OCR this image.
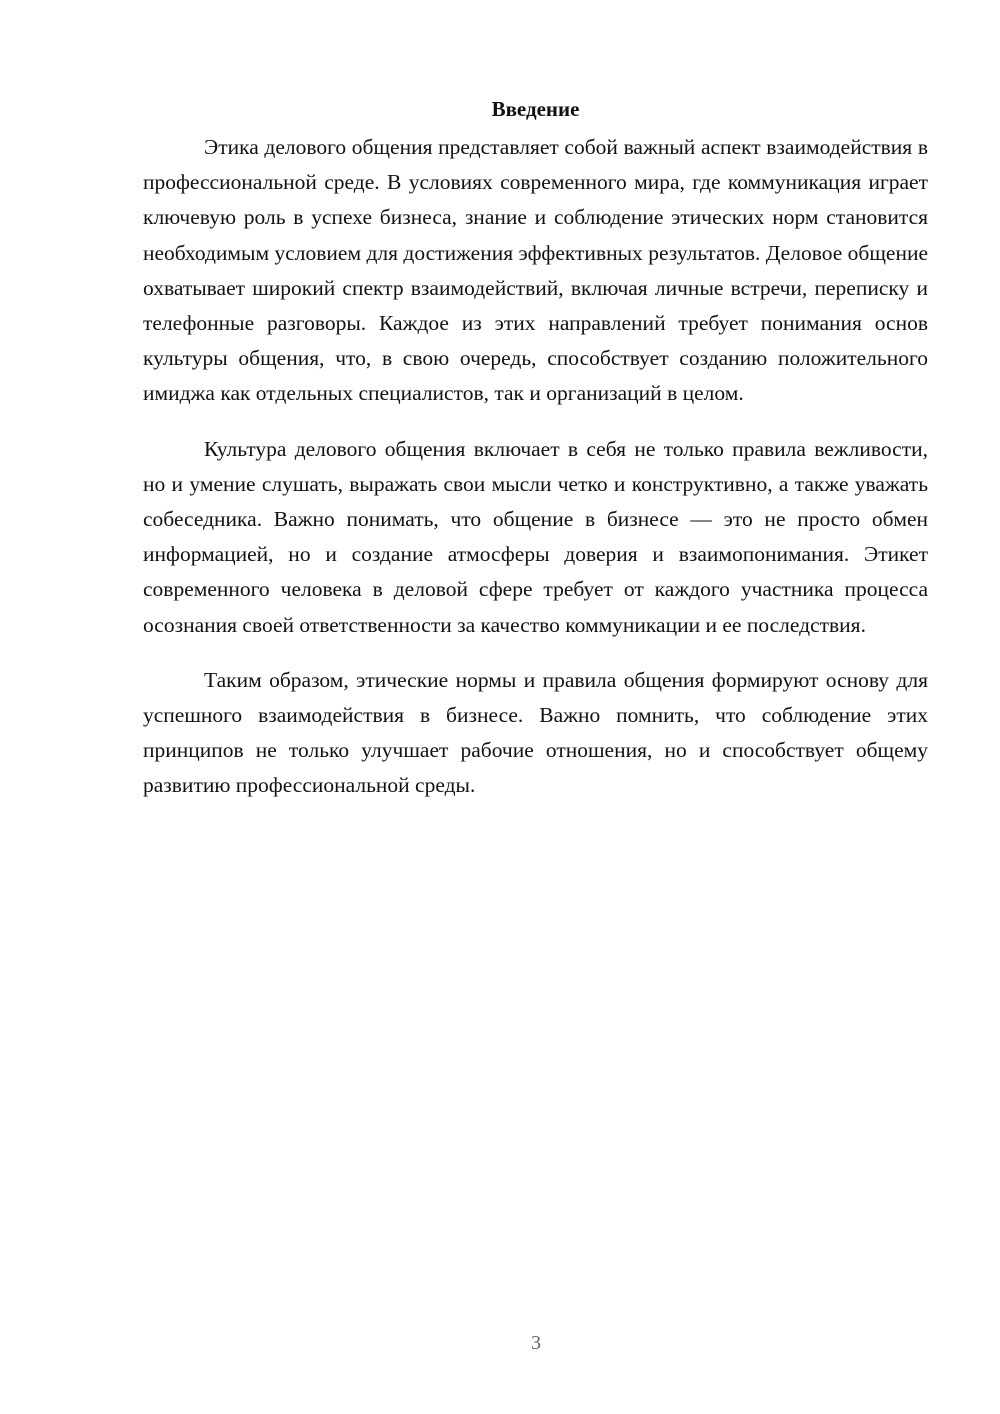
Введение

Этика делового общения представляет собой важный аспект взаимодействия в профессиональной среде. В условиях современного мира, где коммуникация играет ключевую роль в успехе бизнеса, знание и соблюдение этических норм становится необходимым условием для достижения эффективных результатов. Деловое общение охватывает широкий спектр взаимодействий, включая личные встречи, переписку и телефонные разговоры. Каждое из этих направлений требует понимания основ культуры общения, что, в свою очередь, способствует созданию положительного имиджа как отдельных специалистов, так и организаций в целом.

Культура делового общения включает в себя не только правила вежливости, но и умение слушать, выражать свои мысли четко и конструктивно, а также уважать собеседника. Важно понимать, что общение в бизнесе — это не просто обмен информацией, но и создание атмосферы доверия и взаимопонимания. Этикет современного человека в деловой сфере требует от каждого участника процесса осознания своей ответственности за качество коммуникации и ее последствия.

Таким образом, этические нормы и правила общения формируют основу для успешного взаимодействия в бизнесе. Важно помнить, что соблюдение этих принципов не только улучшает рабочие отношения, но и способствует общему развитию профессиональной среды.

3
